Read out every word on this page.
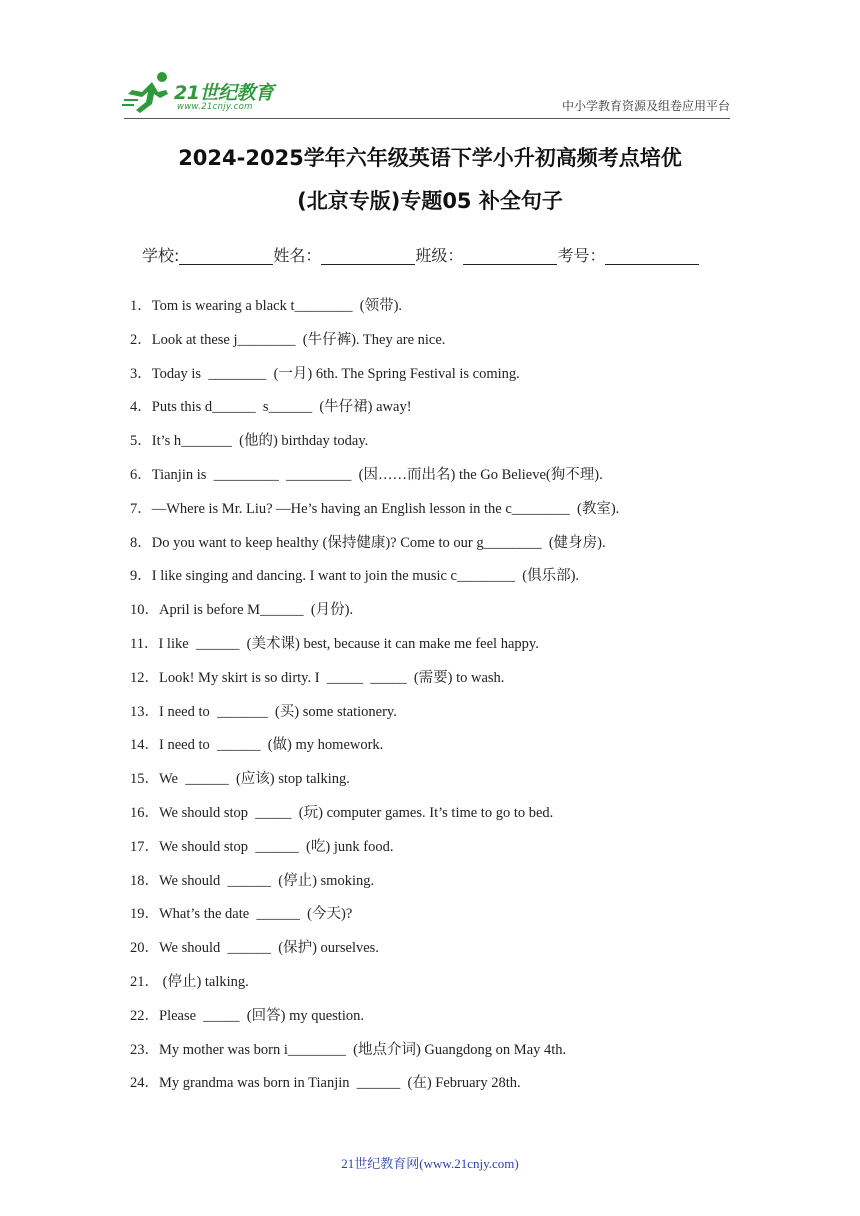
21世纪教育
www.21cnjy.com	中小学教育资源及组卷应用平台
2024-2025学年六年级英语下学小升初高频考点培优
(北京专版)专题05 补全句子
学校:	姓名：	班级：	考号：
1．Tom is wearing a black t________  (领带).
2．Look at these j________  (牛仔裤). They are nice.
3．Today is  ________  (一月) 6th. The Spring Festival is coming.
4．Puts this d______  s______  (牛仔裙) away!
5．It’s h_______  (他的) birthday today.
6．Tianjin is  _________  _________  (因……而出名) the Go Believe(狗不理).
7．—Where is Mr. Liu? —He’s having an English lesson in the c________  (教室).
8．Do you want to keep healthy (保持健康)? Come to our g________  (健身房).
9．I like singing and dancing. I want to join the music c________  (俱乐部).
10．April is before M______  (月份).
11．I like  ______  (美术课) best, because it can make me feel happy.
12．Look! My skirt is so dirty. I  _____  _____  (需要) to wash.
13．I need to  _______  (买) some stationery.
14．I need to  ______  (做) my homework.
15．We  ______  (应该) stop talking.
16．We should stop  _____  (玩) computer games. It’s time to go to bed.
17．We should stop  ______  (吃) junk food.
18．We should  ______  (停止) smoking.
19．What’s the date  ______  (今天)?
20．We should  ______  (保护) ourselves.
21． (停止) talking.
22．Please  _____  (回答) my question.
23．My mother was born i________  (地点介词) Guangdong on May 4th.
24．My grandma was born in Tianjin  ______  (在) February 28th.
21世纪教育网(www.21cnjy.com)
